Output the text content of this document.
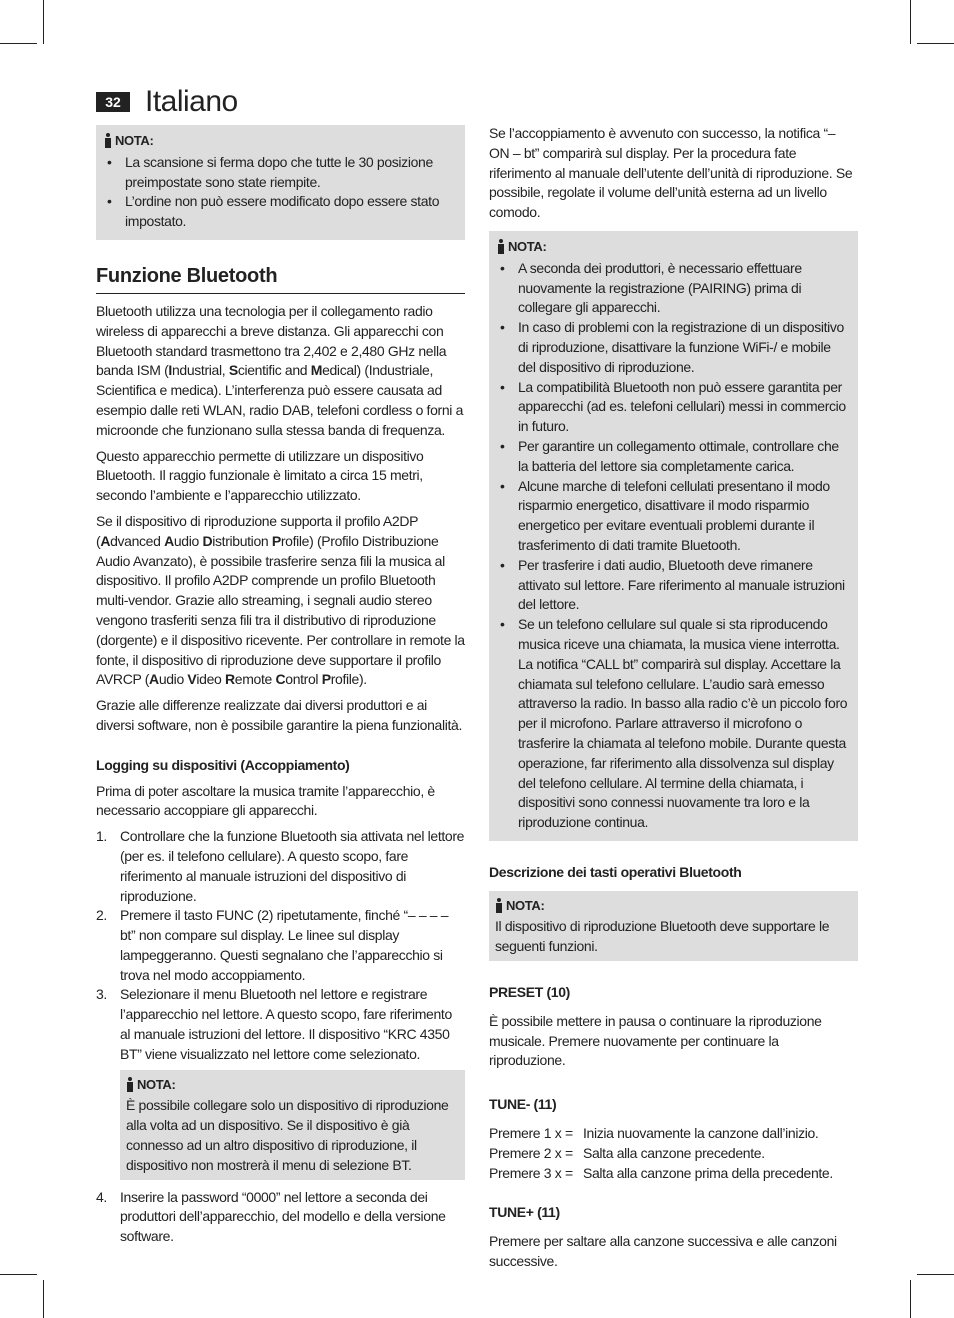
32 Italiano
NOTA:
• La scansione si ferma dopo che tutte le 30 posizione preimpostate sono state riempite.
• L’ordine non può essere modificato dopo essere stato impostato.
Funzione Bluetooth

Bluetooth utilizza una tecnologia per il collegamento radio wireless di apparecchi a breve distanza. Gli apparecchi con Bluetooth standard trasmettono tra 2,402 e 2,480 GHz nella banda ISM (Industrial, Scientific and Medical) (Industriale, Scientifica e medica). L’interferenza può essere causata ad esempio dalle reti WLAN, radio DAB, telefoni cordless o forni a microonde che funzionano sulla stessa banda di frequenza.

Questo apparecchio permette di utilizzare un dispositivo Bluetooth. Il raggio funzionale è limitato a circa 15 metri, secondo l’ambiente e l’apparecchio utilizzato.

Se il dispositivo di riproduzione supporta il profilo A2DP (Advanced Audio Distribution Profile) (Profilo Distribuzione Audio Avanzato), è possibile trasferire senza fili la musica al dispositivo. Il profilo A2DP comprende un profilo Bluetooth multi-vendor. Grazie allo streaming, i segnali audio stereo vengono trasferiti senza fili tra il distributivo di riproduzione (dorgente) e il dispositivo ricevente. Per controllare in remote la fonte, il dispositivo di riproduzione deve supportare il profilo AVRCP (Audio Video Remote Control Profile).

Grazie alle differenze realizzate dai diversi produttori e ai diversi software, non è possibile garantire la piena funzionalità.

Logging su dispositivi (Accoppiamento)

Prima di poter ascoltare la musica tramite l’apparecchio, è necessario accoppiare gli apparecchi.

1. Controllare che la funzione Bluetooth sia attivata nel lettore (per es. il telefono cellulare). A questo scopo, fare riferimento al manuale istruzioni del dispositivo di riproduzione.
2. Premere il tasto FUNC (2) ripetutamente, finché “– – – – bt” non compare sul display. Le linee sul display lampeggeranno. Questi segnalano che l’apparecchio si trova nel modo accoppiamento.
3. Selezionare il menu Bluetooth nel lettore e registrare l’apparecchio nel lettore. A questo scopo, fare riferimento al manuale istruzioni del lettore. Il dispositivo “KRC 4350 BT” viene visualizzato nel lettore come selezionato.
NOTA:
È possibile collegare solo un dispositivo di riproduzione alla volta ad un dispositivo. Se il dispositivo è già connesso ad un altro dispositivo di riproduzione, il dispositivo non mostrerà il menu di selezione BT.
4. Inserire la password “0000” nel lettore a seconda dei produttori dell’apparecchio, del modello e della versione software.

Se l’accoppiamento è avvenuto con successo, la notifica “– ON – bt” comparirà sul display. Per la procedura fate riferimento al manuale dell’utente dell’unità di riproduzione. Se possibile, regolate il volume dell’unità esterna ad un livello comodo.

NOTA:
• A seconda dei produttori, è necessario effettuare nuovamente la registrazione (PAIRING) prima di collegare gli apparecchi.
• In caso di problemi con la registrazione di un dispositivo di riproduzione, disattivare la funzione WiFi-/ e mobile del dispositivo di riproduzione.
• La compatibilità Bluetooth non può essere garantita per apparecchi (ad es. telefoni cellulari) messi in commercio in futuro.
• Per garantire un collegamento ottimale, controllare che la batteria del lettore sia completamente carica.
• Alcune marche di telefoni cellulati presentano il modo risparmio energetico, disattivare il modo risparmio energetico per evitare eventuali problemi durante il trasferimento di dati tramite Bluetooth.
• Per trasferire i dati audio, Bluetooth deve rimanere attivato sul lettore. Fare riferimento al manuale istruzioni del lettore.
• Se un telefono cellulare sul quale si sta riproducendo musica riceve una chiamata, la musica viene interrotta. La notifica “CALL bt” comparirà sul display. Accettare la chiamata sul telefono cellulare. L’audio sarà emesso attraverso la radio. In basso alla radio c’è un piccolo foro per il microfono. Parlare attraverso il microfono o trasferire la chiamata al telefono mobile. Durante questa operazione, far riferimento alla dissolvenza sul display del telefono cellulare. Al termine della chiamata, i dispositivi sono connessi nuovamente tra loro e la riproduzione continua.

Descrizione dei tasti operativi Bluetooth

NOTA:
Il dispositivo di riproduzione Bluetooth deve supportare le seguenti funzioni.

PRESET (10)

È possibile mettere in pausa o continuare la riproduzione musicale. Premere nuovamente per continuare la riproduzione.

TUNE- (11)

Premere 1 x = Inizia nuovamente la canzone dall’inizio.
Premere 2 x = Salta alla canzone precedente.
Premere 3 x = Salta alla canzone prima della precedente.

TUNE+ (11)

Premere per saltare alla canzone successiva e alle canzoni successive.
